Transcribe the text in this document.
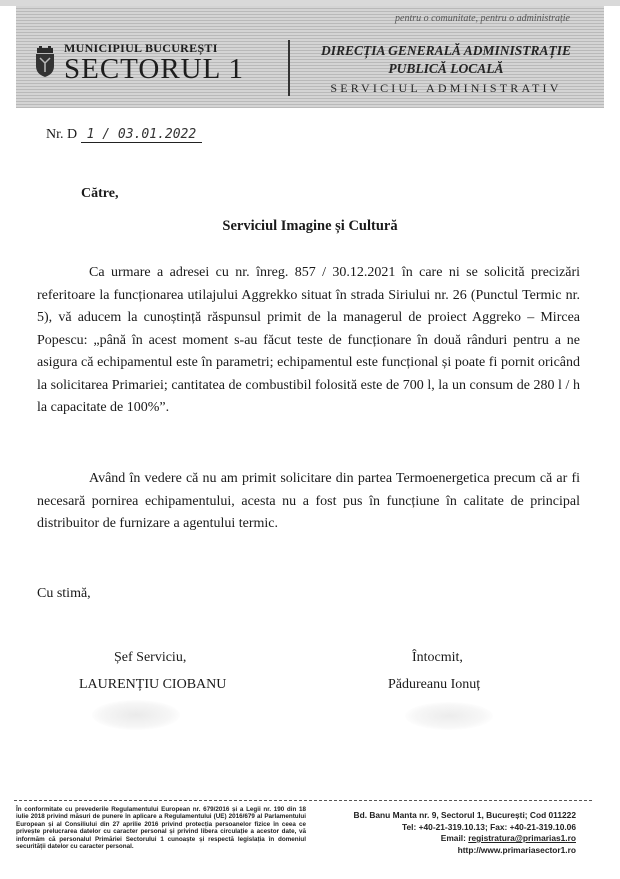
pentru o comunitate, pentru o administrație
MUNICIPIUL BUCUREȘTI
SECTORUL 1
DIRECȚIA GENERALĂ ADMINISTRAȚIE
PUBLICĂ LOCALĂ
SERVICIUL ADMINISTRATIV
Nr. D 1 / 03.01.2022
Către,
Serviciul Imagine și Cultură
Ca urmare a adresei cu nr. înreg. 857 / 30.12.2021 în care ni se solicită precizări referitoare la funcționarea utilajului Aggrekko situat în strada Siriului nr. 26 (Punctul Termic nr. 5), vă aducem la cunoștință răspunsul primit de la managerul de proiect Aggreko – Mircea Popescu: „până în acest moment s-au făcut teste de funcționare în două rânduri pentru a ne asigura că echipamentul este în parametri; echipamentul este funcțional și poate fi pornit oricând la solicitarea Primariei; cantitatea de combustibil folosită este de 700 l, la un consum de 280 l / h la capacitate de 100%”.
Având în vedere că nu am primit solicitare din partea Termoenergetica precum că ar fi necesară pornirea echipamentului, acesta nu a fost pus în funcțiune în calitate de principal distribuitor de furnizare a agentului termic.
Cu stimă,
Șef Serviciu,
LAURENȚIU CIOBANU
Întocmit,
Pădureanu Ionuț
În conformitate cu prevederile Regulamentului European nr. 679/2016 și a Legii nr. 190 din 18 iulie 2018 privind măsuri de punere în aplicare a Regulamentului (UE) 2016/679 al Parlamentului European și al Consiliului din 27 aprilie 2016 privind protecția persoanelor fizice în ceea ce privește prelucrarea datelor cu caracter personal și privind libera circulație a acestor date, vă informăm că personalul Primăriei Sectorului 1 cunoaște și respectă legislația în domeniul securității datelor cu caracter personal.
Bd. Banu Manta nr. 9, Sectorul 1, București; Cod 011222
Tel: +40-21-319.10.13; Fax: +40-21-319.10.06
Email: registratura@primarias1.ro
http://www.primariasector1.ro
